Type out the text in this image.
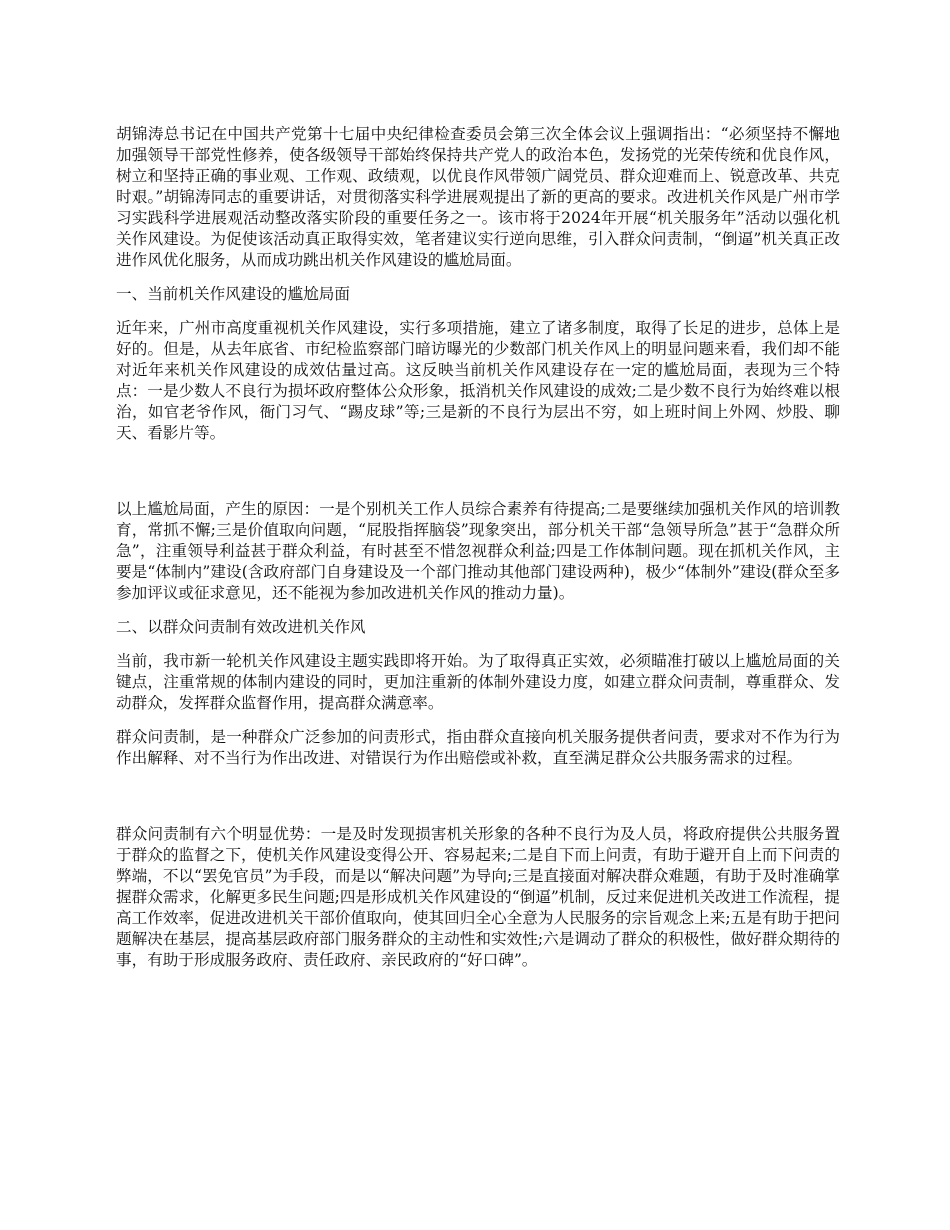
胡锦涛总书记在中国共产党第十七届中央纪律检查委员会第三次全体会议上强调指出：“必须坚持不懈地加强领导干部党性修养，使各级领导干部始终保持共产党人的政治本色，发扬党的光荣传统和优良作风，树立和坚持正确的事业观、工作观、政绩观，以优良作风带领广阔党员、群众迎难而上、锐意改革、共克时艰。”胡锦涛同志的重要讲话，对贯彻落实科学进展观提出了新的更高的要求。改进机关作风是广州市学习实践科学进展观活动整改落实阶段的重要任务之一。该市将于2024年开展“机关服务年”活动以强化机关作风建设。为促使该活动真正取得实效，笔者建议实行逆向思维，引入群众问责制，“倒逼”机关真正改进作风优化服务，从而成功跳出机关作风建设的尴尬局面。

一、当前机关作风建设的尴尬局面

近年来，广州市高度重视机关作风建设，实行多项措施，建立了诸多制度，取得了长足的进步，总体上是好的。但是，从去年底省、市纪检监察部门暗访曝光的少数部门机关作风上的明显问题来看，我们却不能对近年来机关作风建设的成效估量过高。这反映当前机关作风建设存在一定的尴尬局面，表现为三个特点：一是少数人不良行为损坏政府整体公众形象，抵消机关作风建设的成效;二是少数不良行为始终难以根治，如官老爷作风，衙门习气、“踢皮球”等;三是新的不良行为层出不穷，如上班时间上外网、炒股、聊天、看影片等。

以上尴尬局面，产生的原因：一是个别机关工作人员综合素养有待提高;二是要继续加强机关作风的培训教育，常抓不懈;三是价值取向问题，“屁股指挥脑袋”现象突出，部分机关干部“急领导所急”甚于“急群众所急”，注重领导利益甚于群众利益，有时甚至不惜忽视群众利益;四是工作体制问题。现在抓机关作风，主要是“体制内”建设(含政府部门自身建设及一个部门推动其他部门建设两种)，极少“体制外”建设(群众至多参加评议或征求意见，还不能视为参加改进机关作风的推动力量)。

二、以群众问责制有效改进机关作风

当前，我市新一轮机关作风建设主题实践即将开始。为了取得真正实效，必须瞄准打破以上尴尬局面的关键点，注重常规的体制内建设的同时，更加注重新的体制外建设力度，如建立群众问责制，尊重群众、发动群众，发挥群众监督作用，提高群众满意率。

群众问责制，是一种群众广泛参加的问责形式，指由群众直接向机关服务提供者问责，要求对不作为行为作出解释、对不当行为作出改进、对错误行为作出赔偿或补救，直至满足群众公共服务需求的过程。

群众问责制有六个明显优势：一是及时发现损害机关形象的各种不良行为及人员，将政府提供公共服务置于群众的监督之下，使机关作风建设变得公开、容易起来;二是自下而上问责，有助于避开自上而下问责的弊端，不以“罢免官员”为手段，而是以“解决问题”为导向;三是直接面对解决群众难题，有助于及时准确掌握群众需求，化解更多民生问题;四是形成机关作风建设的“倒逼”机制，反过来促进机关改进工作流程，提高工作效率，促进改进机关干部价值取向，使其回归全心全意为人民服务的宗旨观念上来;五是有助于把问题解决在基层，提高基层政府部门服务群众的主动性和实效性;六是调动了群众的积极性，做好群众期待的事，有助于形成服务政府、责任政府、亲民政府的“好口碑”。
